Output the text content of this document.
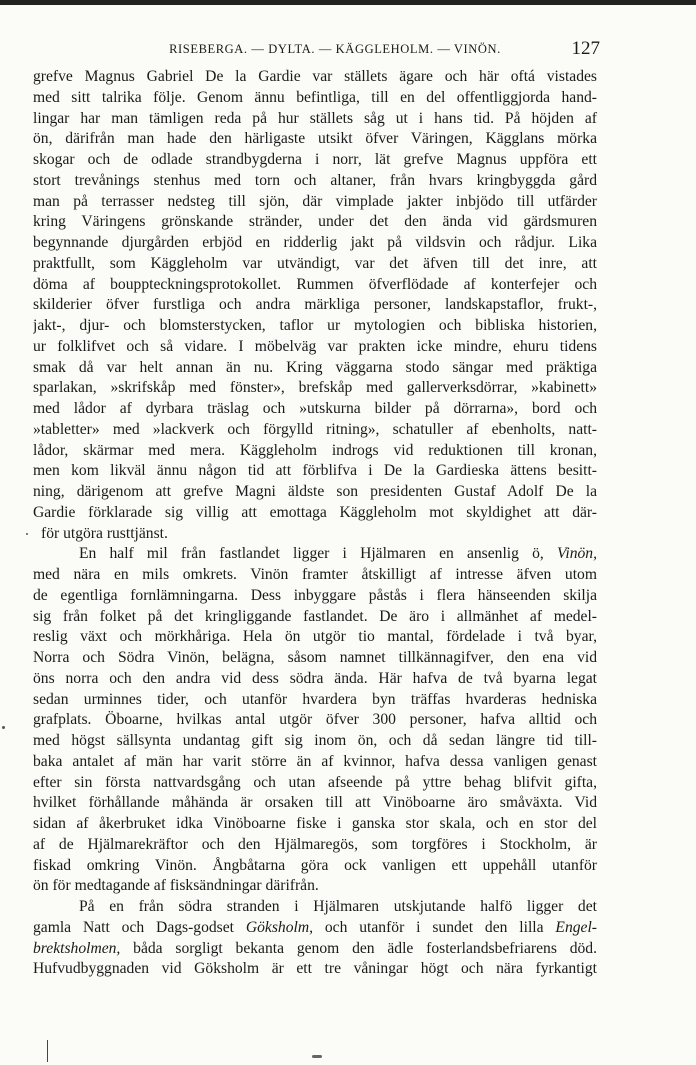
RISEBERGA. — DYLTA. — KÄGGLEHOLM. — VINÖN.	127
grefve Magnus Gabriel De la Gardie var ställets ägare och här oftá vistades
med sitt talrika följe. Genom ännu befintliga, till en del offentliggjorda hand-
lingar har man tämligen reda på hur ställets såg ut i hans tid. På höjden af
ön, därifrån man hade den härligaste utsikt öfver Väringen, Kägglans mörka
skogar och de odlade strandbygderna i norr, lät grefve Magnus uppföra ett
stort trevånings stenhus med torn och altaner, från hvars kringbyggda gård
man på terrasser nedsteg till sjön, där vimplade jakter inbjödo till utfärder
kring Väringens grönskande stränder, under det den ända vid gärdsmuren
begynnande djurgården erbjöd en ridderlig jakt på vildsvin och rådjur. Lika
praktfullt, som Käggleholm var utvändigt, var det äfven till det inre, att
döma af bouppteckningsprotokollet. Rummen öfverflödade af konterfejer och
skilderier öfver furstliga och andra märkliga personer, landskapstaflor, frukt-,
jakt-, djur- och blomsterstycken, taflor ur mytologien och bibliska historien,
ur folklifvet och så vidare. I möbelväg var prakten icke mindre, ehuru tidens
smak då var helt annan än nu. Kring väggarna stodo sängar med präktiga
sparlakan, »skrifskåp med fönster», brefskåp med gallerverksdörrar, »kabinett»
med lådor af dyrbara träslag och »utskurna bilder på dörrarna», bord och
»tabletter» med »lackverk och förgylld ritning», schatuller af ebenholts, natt-
lådor, skärmar med mera. Käggleholm indrogs vid reduktionen till kronan,
men kom likväl ännu någon tid att förblifva i De la Gardieska ättens besitt-
ning, därigenom att grefve Magni äldste son presidenten Gustaf Adolf De la
Gardie förklarade sig villig att emottaga Käggleholm mot skyldighet att där-
för utgöra rusttjänst.
En half mil från fastlandet ligger i Hjälmaren en ansenlig ö, Vinön,
med nära en mils omkrets. Vinön framter åtskilligt af intresse äfven utom
de egentliga fornlämningarna. Dess inbyggare påstås i flera hänseenden skilja
sig från folket på det kringliggande fastlandet. De äro i allmänhet af medel-
reslig växt och mörkhåriga. Hela ön utgör tio mantal, fördelade i två byar,
Norra och Södra Vinön, belägna, såsom namnet tillkännagifver, den ena vid
öns norra och den andra vid dess södra ända. Här hafva de två byarna legat
sedan urminnes tider, och utanför hvardera byn träffas hvarderas hedniska
grafplats. Öboarne, hvilkas antal utgör öfver 300 personer, hafva alltid och
med högst sällsynta undantag gift sig inom ön, och då sedan längre tid till-
baka antalet af män har varit större än af kvinnor, hafva dessa vanligen genast
efter sin första nattvardsgång och utan afseende på yttre behag blifvit gifta,
hvilket förhållande måhända är orsaken till att Vinöboarne äro småväxta. Vid
sidan af åkerbruket idka Vinöboarne fiske i ganska stor skala, och en stor del
af de Hjälmarekräftor och den Hjälmaregös, som torgföres i Stockholm, är
fiskad omkring Vinön. Ångbåtarna göra ock vanligen ett uppehåll utanför
ön för medtagande af fisksändningar därifrån.
På en från södra stranden i Hjälmaren utskjutande halfö ligger det
gamla Natt och Dags-godset Göksholm, och utanför i sundet den lilla Engel-
brektsholmen, båda sorgligt bekanta genom den ädle fosterlandsbefriarens död.
Hufvudbyggnaden vid Göksholm är ett tre våningar högt och nära fyrkantigt
